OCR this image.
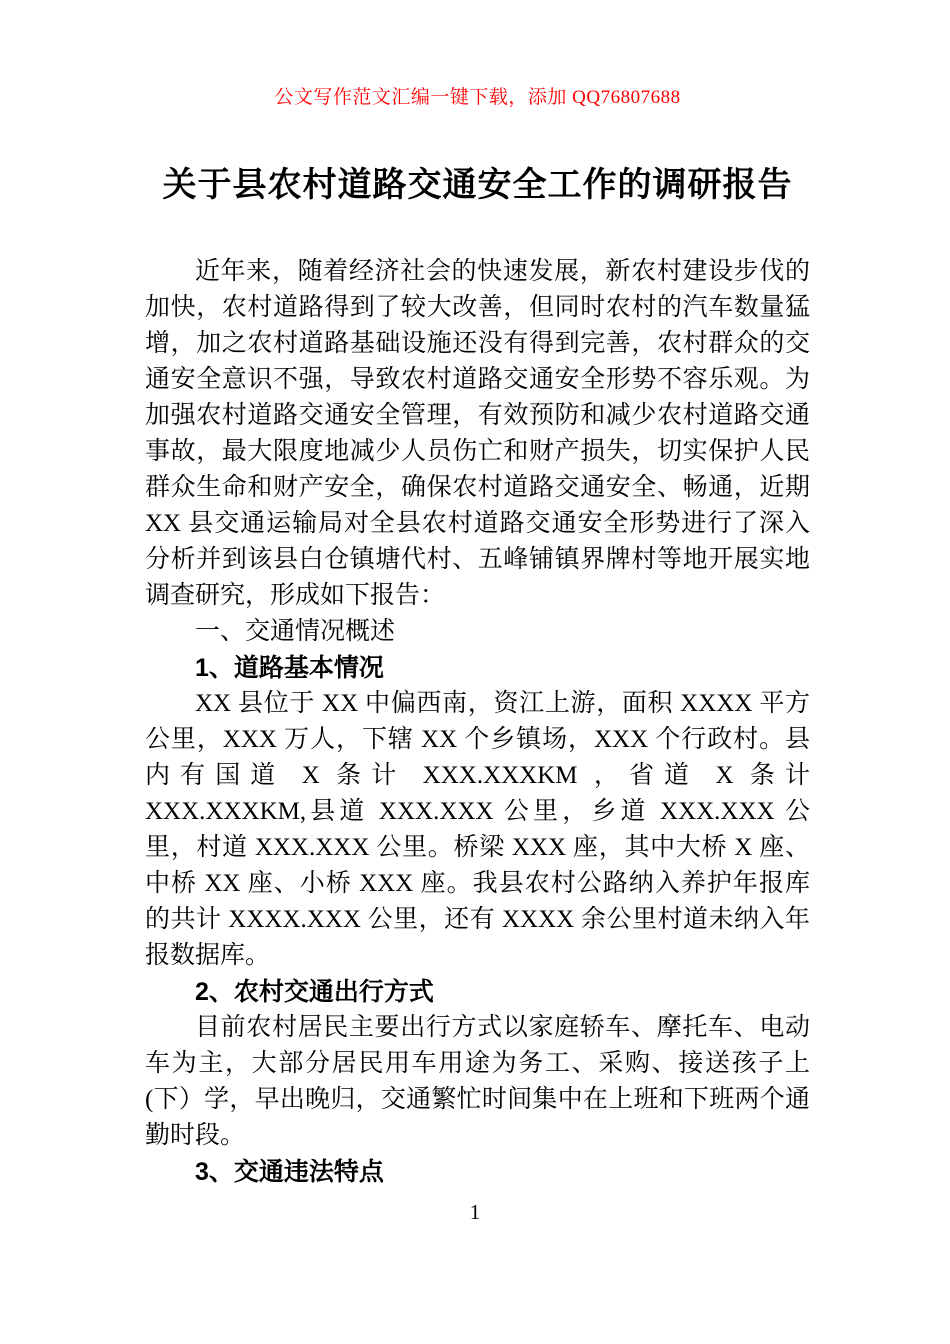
公文写作范文汇编一键下载，添加 QQ76807688
关于县农村道路交通安全工作的调研报告

近年来，随着经济社会的快速发展，新农村建设步伐的加快，农村道路得到了较大改善，但同时农村的汽车数量猛增，加之农村道路基础设施还没有得到完善，农村群众的交通安全意识不强，导致农村道路交通安全形势不容乐观。为加强农村道路交通安全管理，有效预防和减少农村道路交通事故，最大限度地减少人员伤亡和财产损失，切实保护人民群众生命和财产安全，确保农村道路交通安全、畅通，近期 XX 县交通运输局对全县农村道路交通安全形势进行了深入分析并到该县白仓镇塘代村、五峰铺镇界牌村等地开展实地调查研究，形成如下报告：

一、交通情况概述

1、道路基本情况

XX 县位于 XX 中偏西南，资江上游，面积 XXXX 平方公里，XXX 万人，下辖 XX 个乡镇场，XXX 个行政村。县内有国道 X 条计 XXX.XXXKM ，省道 X 条计 XXX.XXXKM,县道 XXX.XXX 公里，乡道 XXX.XXX 公里，村道 XXX.XXX 公里。桥梁 XXX 座，其中大桥 X 座、中桥 XX 座、小桥 XXX 座。我县农村公路纳入养护年报库的共计 XXXX.XXX 公里，还有 XXXX 余公里村道未纳入年报数据库。

2、农村交通出行方式

目前农村居民主要出行方式以家庭轿车、摩托车、电动车为主，大部分居民用车用途为务工、采购、接送孩子上(下）学，早出晚归，交通繁忙时间集中在上班和下班两个通勤时段。

3、交通违法特点

1
